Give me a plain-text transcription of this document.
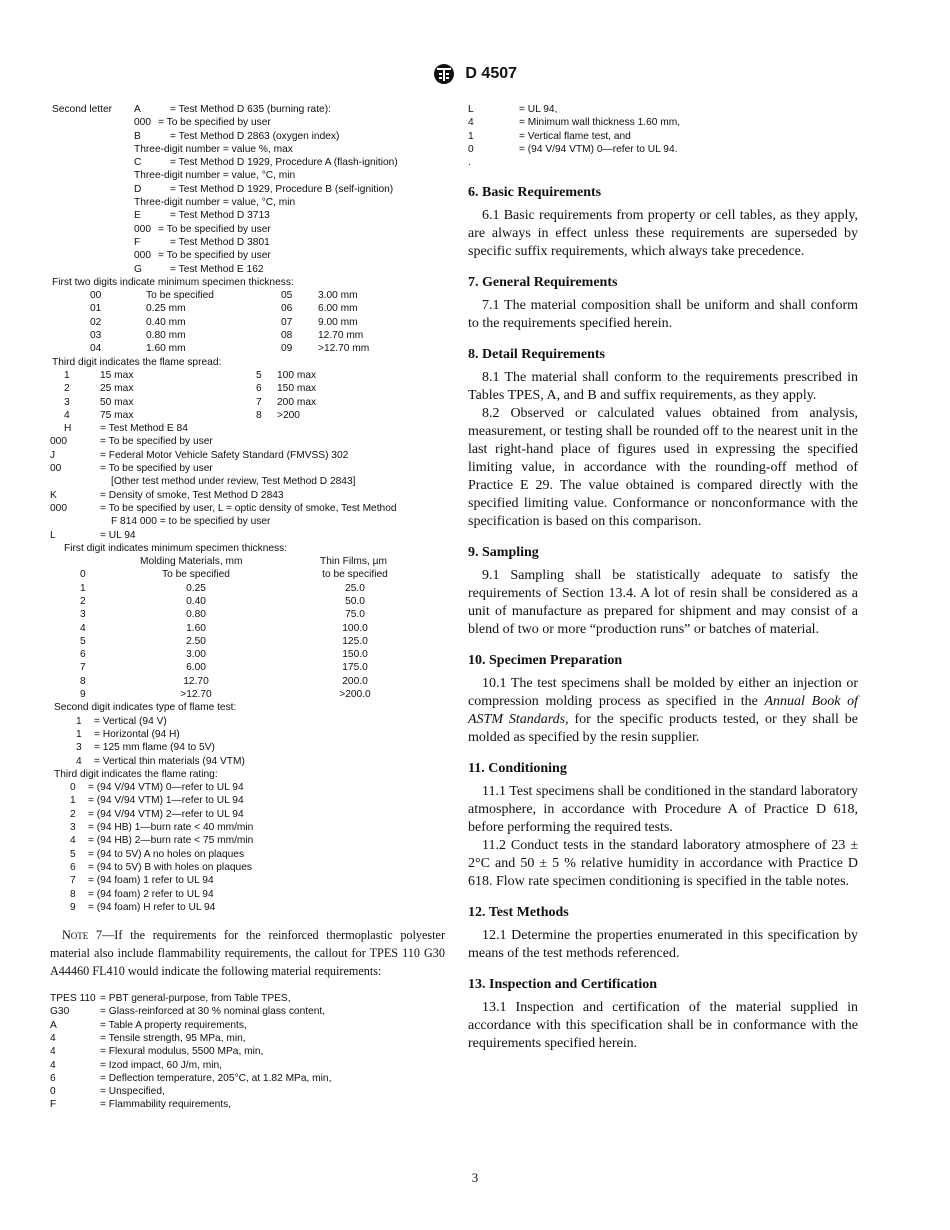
D 4507
Second letter A	= Test Method D 635 (burning rate):
000 = To be specified by user
B	= Test Method D 2863 (oxygen index)
Three-digit number = value %, max
C	= Test Method D 1929, Procedure A (flash-ignition)
Three-digit number = value, °C, min
D	= Test Method D 1929, Procedure B (self-ignition)
Three-digit number = value, °C, min
E	= Test Method D 3713
000 = To be specified by user
F	= Test Method D 3801
000 = To be specified by user
G	= Test Method E 162
First two digits indicate minimum specimen thickness:
00	To be specified	05	3.00 mm
01	0.25 mm	06	6.00 mm
02	0.40 mm	07	9.00 mm
03	0.80 mm	08	12.70 mm
04	1.60 mm	09	>12.70 mm
Third digit indicates the flame spread:
1	15 max	5 100 max
2	25 max	6 150 max
3	50 max	7 200 max
4	75 max	8 >200
H	= Test Method E 84
000	= To be specified by user
J	= Federal Motor Vehicle Safety Standard (FMVSS) 302
00	= To be specified by user
[Other test method under review, Test Method D 2843]
K	= Density of smoke, Test Method D 2843
000	= To be specified by user, L = optic density of smoke, Test Method
F 814 000 = to be specified by user
L	= UL 94
First digit indicates minimum specimen thickness:
Molding Materials, mm	Thin Films, µm
0	To be specified	to be specified
1	0.25	25.0
2	0.40	50.0
3	0.80	75.0
4	1.60	100.0
5	2.50	125.0
6	3.00	150.0
7	6.00	175.0
8	12.70	200.0
9	>12.70	>200.0
Second digit indicates type of flame test:
1 = Vertical (94 V)
1 = Horizontal (94 H)
3 = 125 mm flame (94 to 5V)
4 = Vertical thin materials (94 VTM)
Third digit indicates the flame rating:
0 = (94 V/94 VTM) 0—refer to UL 94
1 = (94 V/94 VTM) 1—refer to UL 94
2 = (94 V/94 VTM) 2—refer to UL 94
3 = (94 HB) 1—burn rate < 40 mm/min
4 = (94 HB) 2—burn rate < 75 mm/min
5 = (94 to 5V) A no holes on plaques
6 = (94 to 5V) B with holes on plaques
7 = (94 foam) 1 refer to UL 94
8 = (94 foam) 2 refer to UL 94
9 = (94 foam) H refer to UL 94
Note 7—If the requirements for the reinforced thermoplastic polyester material also include flammability requirements, the callout for TPES 110 G30 A44460 FL410 would indicate the following material requirements:
TPES 110 = PBT general-purpose, from Table TPES,
G30	= Glass-reinforced at 30 % nominal glass content,
A	= Table A property requirements,
4	= Tensile strength, 95 MPa, min,
4	= Flexural modulus, 5500 MPa, min,
4	= Izod impact, 60 J/m, min,
6	= Deflection temperature, 205°C, at 1.82 MPa, min,
0	= Unspecified,
F	= Flammability requirements,
L	= UL 94,
4	= Minimum wall thickness 1.60 mm,
1	= Vertical flame test, and
0	= (94 V/94 VTM) 0—refer to UL 94.
.
6. Basic Requirements

6.1 Basic requirements from property or cell tables, as they apply, are always in effect unless these requirements are superseded by specific suffix requirements, which always take precedence.

7. General Requirements

7.1 The material composition shall be uniform and shall conform to the requirements specified herein.

8. Detail Requirements

8.1 The material shall conform to the requirements prescribed in Tables TPES, A, and B and suffix requirements, as they apply.

8.2 Observed or calculated values obtained from analysis, measurement, or testing shall be rounded off to the nearest unit in the last right-hand place of figures used in expressing the specified limiting value, in accordance with the rounding-off method of Practice E 29. The value obtained is compared directly with the specified limiting value. Conformance or nonconformance with the specification is based on this comparison.

9. Sampling

9.1 Sampling shall be statistically adequate to satisfy the requirements of Section 13.4. A lot of resin shall be considered as a unit of manufacture as prepared for shipment and may consist of a blend of two or more “production runs” or batches of material.

10. Specimen Preparation

10.1 The test specimens shall be molded by either an injection or compression molding process as specified in the Annual Book of ASTM Standards, for the specific products tested, or they shall be molded as specified by the resin supplier.

11. Conditioning

11.1 Test specimens shall be conditioned in the standard laboratory atmosphere, in accordance with Procedure A of Practice D 618, before performing the required tests.

11.2 Conduct tests in the standard laboratory atmosphere of 23 ± 2°C and 50 ± 5 % relative humidity in accordance with Practice D 618. Flow rate specimen conditioning is specified in the table notes.

12. Test Methods

12.1 Determine the properties enumerated in this specification by means of the test methods referenced.

13. Inspection and Certification

13.1 Inspection and certification of the material supplied in accordance with this specification shall be in conformance with the requirements specified herein.

3
